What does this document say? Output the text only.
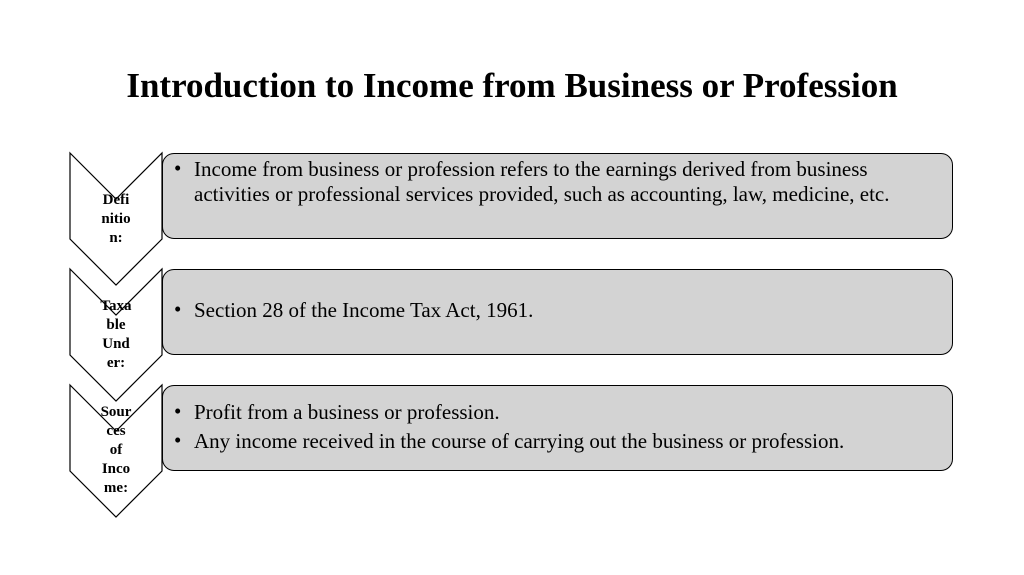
Introduction to Income from Business or Profession
Defi
nitio
n:
• Income from business or profession refers to the earnings derived from business activities or professional services provided, such as accounting, law, medicine, etc.
Taxa
ble
Und
er:
• Section 28 of the Income Tax Act, 1961.
Sour
ces
of
Inco
me:
• Profit from a business or profession.
• Any income received in the course of carrying out the business or profession.
